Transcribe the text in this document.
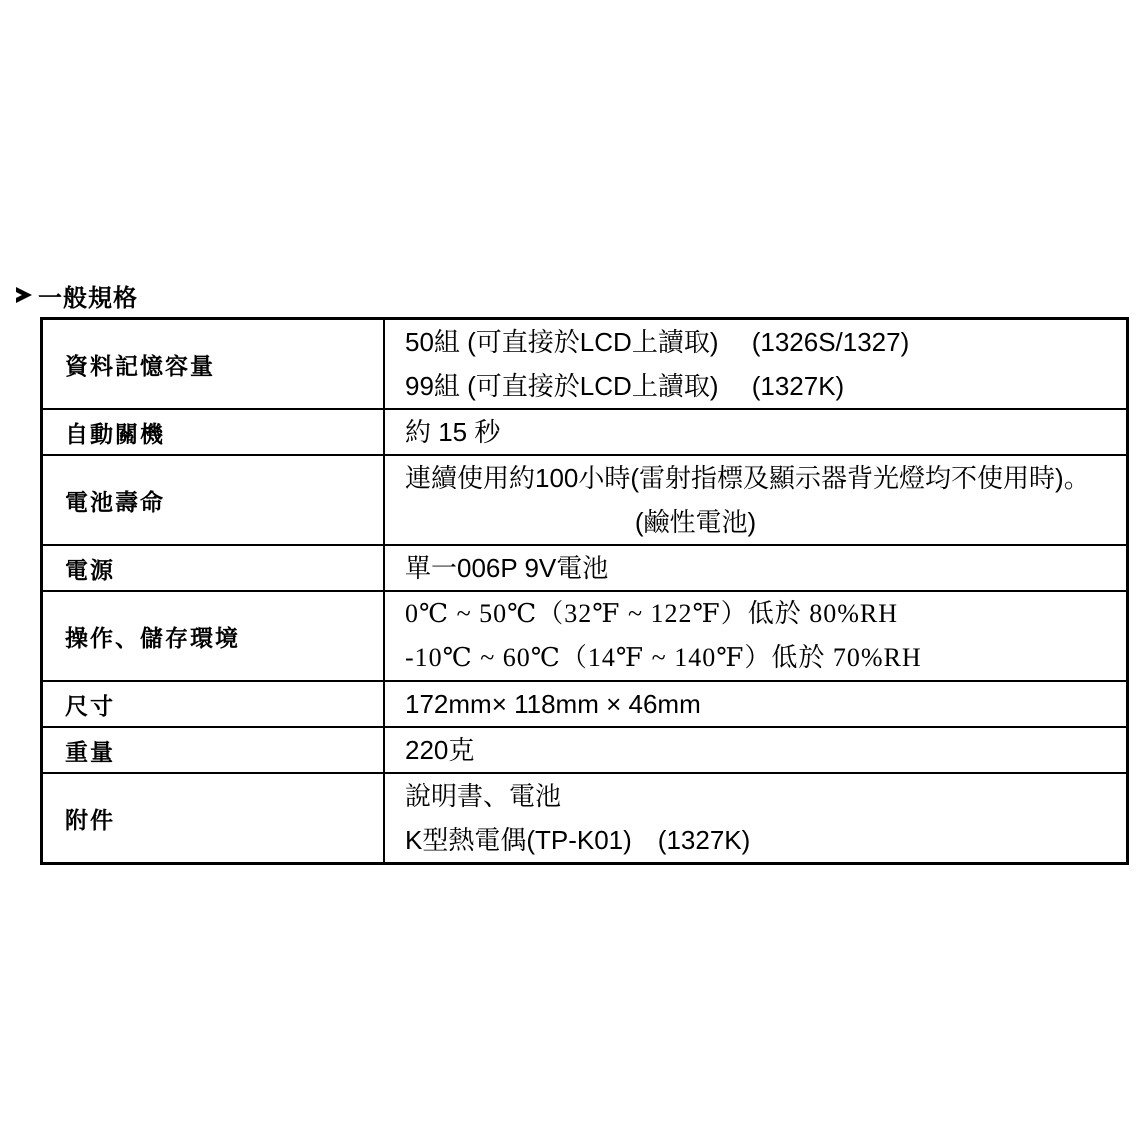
一般規格
資料記憶容量	50組 (可直接於LCD上讀取)　 (1326S/1327)
99組 (可直接於LCD上讀取)　 (1327K)

自動關機	約 15 秒

電池壽命	連續使用約100小時(雷射指標及顯示器背光燈均不使用時)。
(鹼性電池)

電源	單一006P 9V電池

操作、儲存環境	0℃ ~ 50℃（32℉ ~ 122℉）低於 80%RH
-10℃ ~ 60℃（14℉ ~ 140℉）低於 70%RH

尺寸	172mm× 118mm × 46mm

重量	220克

附件	說明書、電池
K型熱電偶(TP-K01)　(1327K)
